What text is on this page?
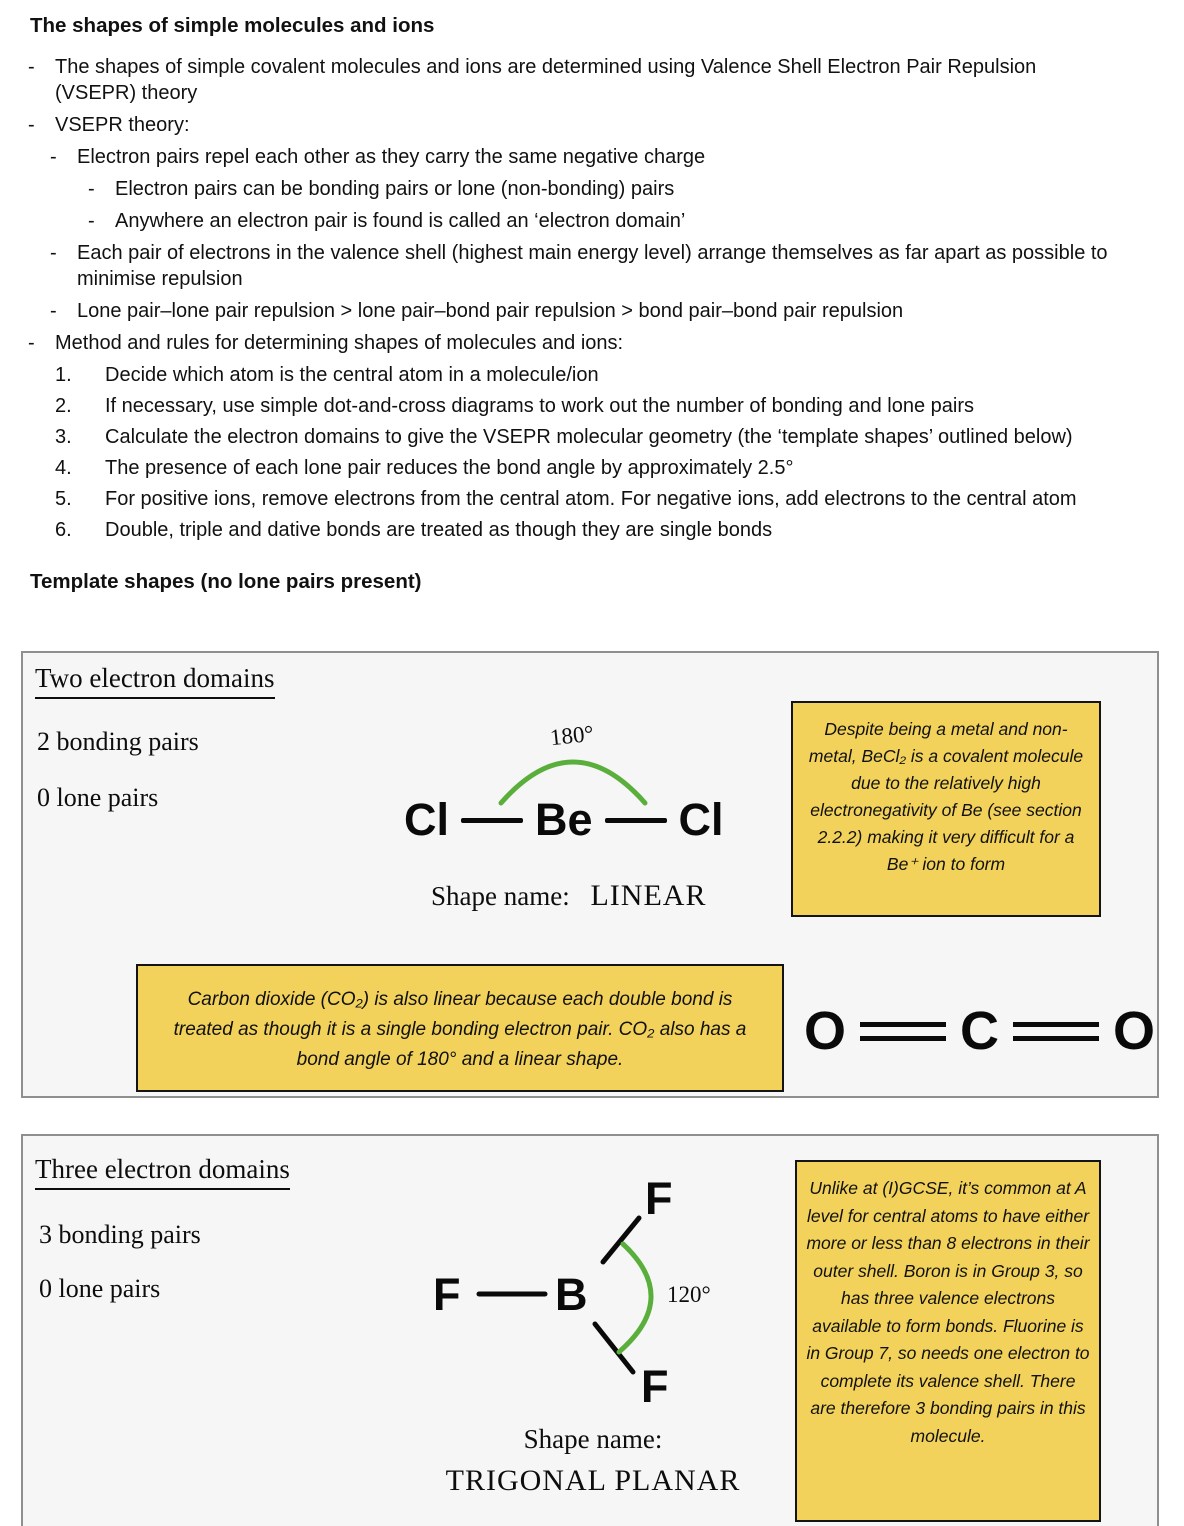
The shapes of simple molecules and ions
-	The shapes of simple covalent molecules and ions are determined using Valence Shell Electron Pair Repulsion (VSEPR) theory
-	VSEPR theory:
-	Electron pairs repel each other as they carry the same negative charge
-	Electron pairs can be bonding pairs or lone (non-bonding) pairs
-	Anywhere an electron pair is found is called an ‘electron domain’
-	Each pair of electrons in the valence shell (highest main energy level) arrange themselves as far apart as possible to minimise repulsion
-	Lone pair–lone pair repulsion > lone pair–bond pair repulsion > bond pair–bond pair repulsion
-	Method and rules for determining shapes of molecules and ions:
1.	Decide which atom is the central atom in a molecule/ion
2.	If necessary, use simple dot-and-cross diagrams to work out the number of bonding and lone pairs
3.	Calculate the electron domains to give the VSEPR molecular geometry (the ‘template shapes’ outlined below)
4.	The presence of each lone pair reduces the bond angle by approximately 2.5°
5.	For positive ions, remove electrons from the central atom. For negative ions, add electrons to the central atom
6.	Double, triple and dative bonds are treated as though they are single bonds
Template shapes (no lone pairs present)
Two electron domains
2 bonding pairs
0 lone pairs
180°
Cl Be Cl
Shape name: LINEAR
Despite being a metal and non-metal, BeCl₂ is a covalent molecule due to the relatively high electronegativity of Be (see section 2.2.2) making it very difficult for a Be⁺ ion to form
Carbon dioxide (CO₂) is also linear because each double bond is treated as though it is a single bonding electron pair. CO₂ also has a bond angle of 180° and a linear shape.	O C O
Three electron domains
3 bonding pairs
0 lone pairs
F
F B
F
120°
Shape name:
TRIGONAL PLANAR
Unlike at (I)GCSE, it’s common at A level for central atoms to have either more or less than 8 electrons in their outer shell. Boron is in Group 3, so has three valence electrons available to form bonds. Fluorine is in Group 7, so needs one electron to complete its valence shell. There are therefore 3 bonding pairs in this molecule.
